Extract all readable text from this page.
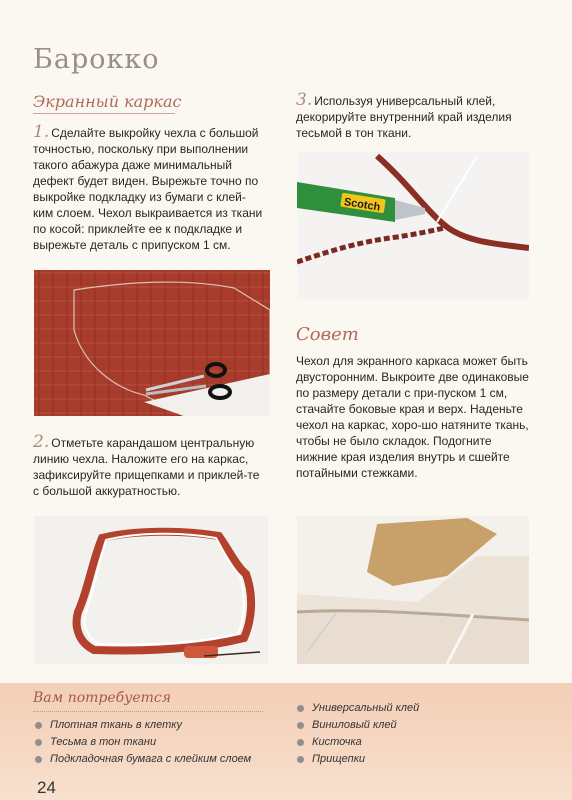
Барокко
Экранный каркас
1. Сделайте выкройку чехла с большой точностью, поскольку при выполнении такого абажура даже минимальный дефект будет виден. Вырежьте точно по выкройке подкладку из бумаги с клей-ким слоем. Чехол выкраивается из ткани по косой: приклейте ее к подкладке и вырежьте деталь с припуском 1 см.
2. Отметьте карандашом центральную линию чехла. Наложите его на каркас, зафиксируйте прищепками и приклей-те с большой аккуратностью.
3. Используя универсальный клей, декорируйте внутренний край изделия тесьмой в тон ткани.
Scotch
Совет
Чехол для экранного каркаса может быть двусторонним. Выкроите две одинаковые по размеру детали с при-пуском 1 см, стачайте боковые края и верх. Наденьте чехол на каркас, хоро-шо натяните ткань, чтобы не было складок. Подогните нижние края изделия внутрь и сшейте потайными стежками.
Вам потребуется
Плотная ткань в клетку
Тесьма в тон ткани
Подкладочная бумага с клейким слоем
Универсальный клей
Виниловый клей
Кисточка
Прищепки
24
